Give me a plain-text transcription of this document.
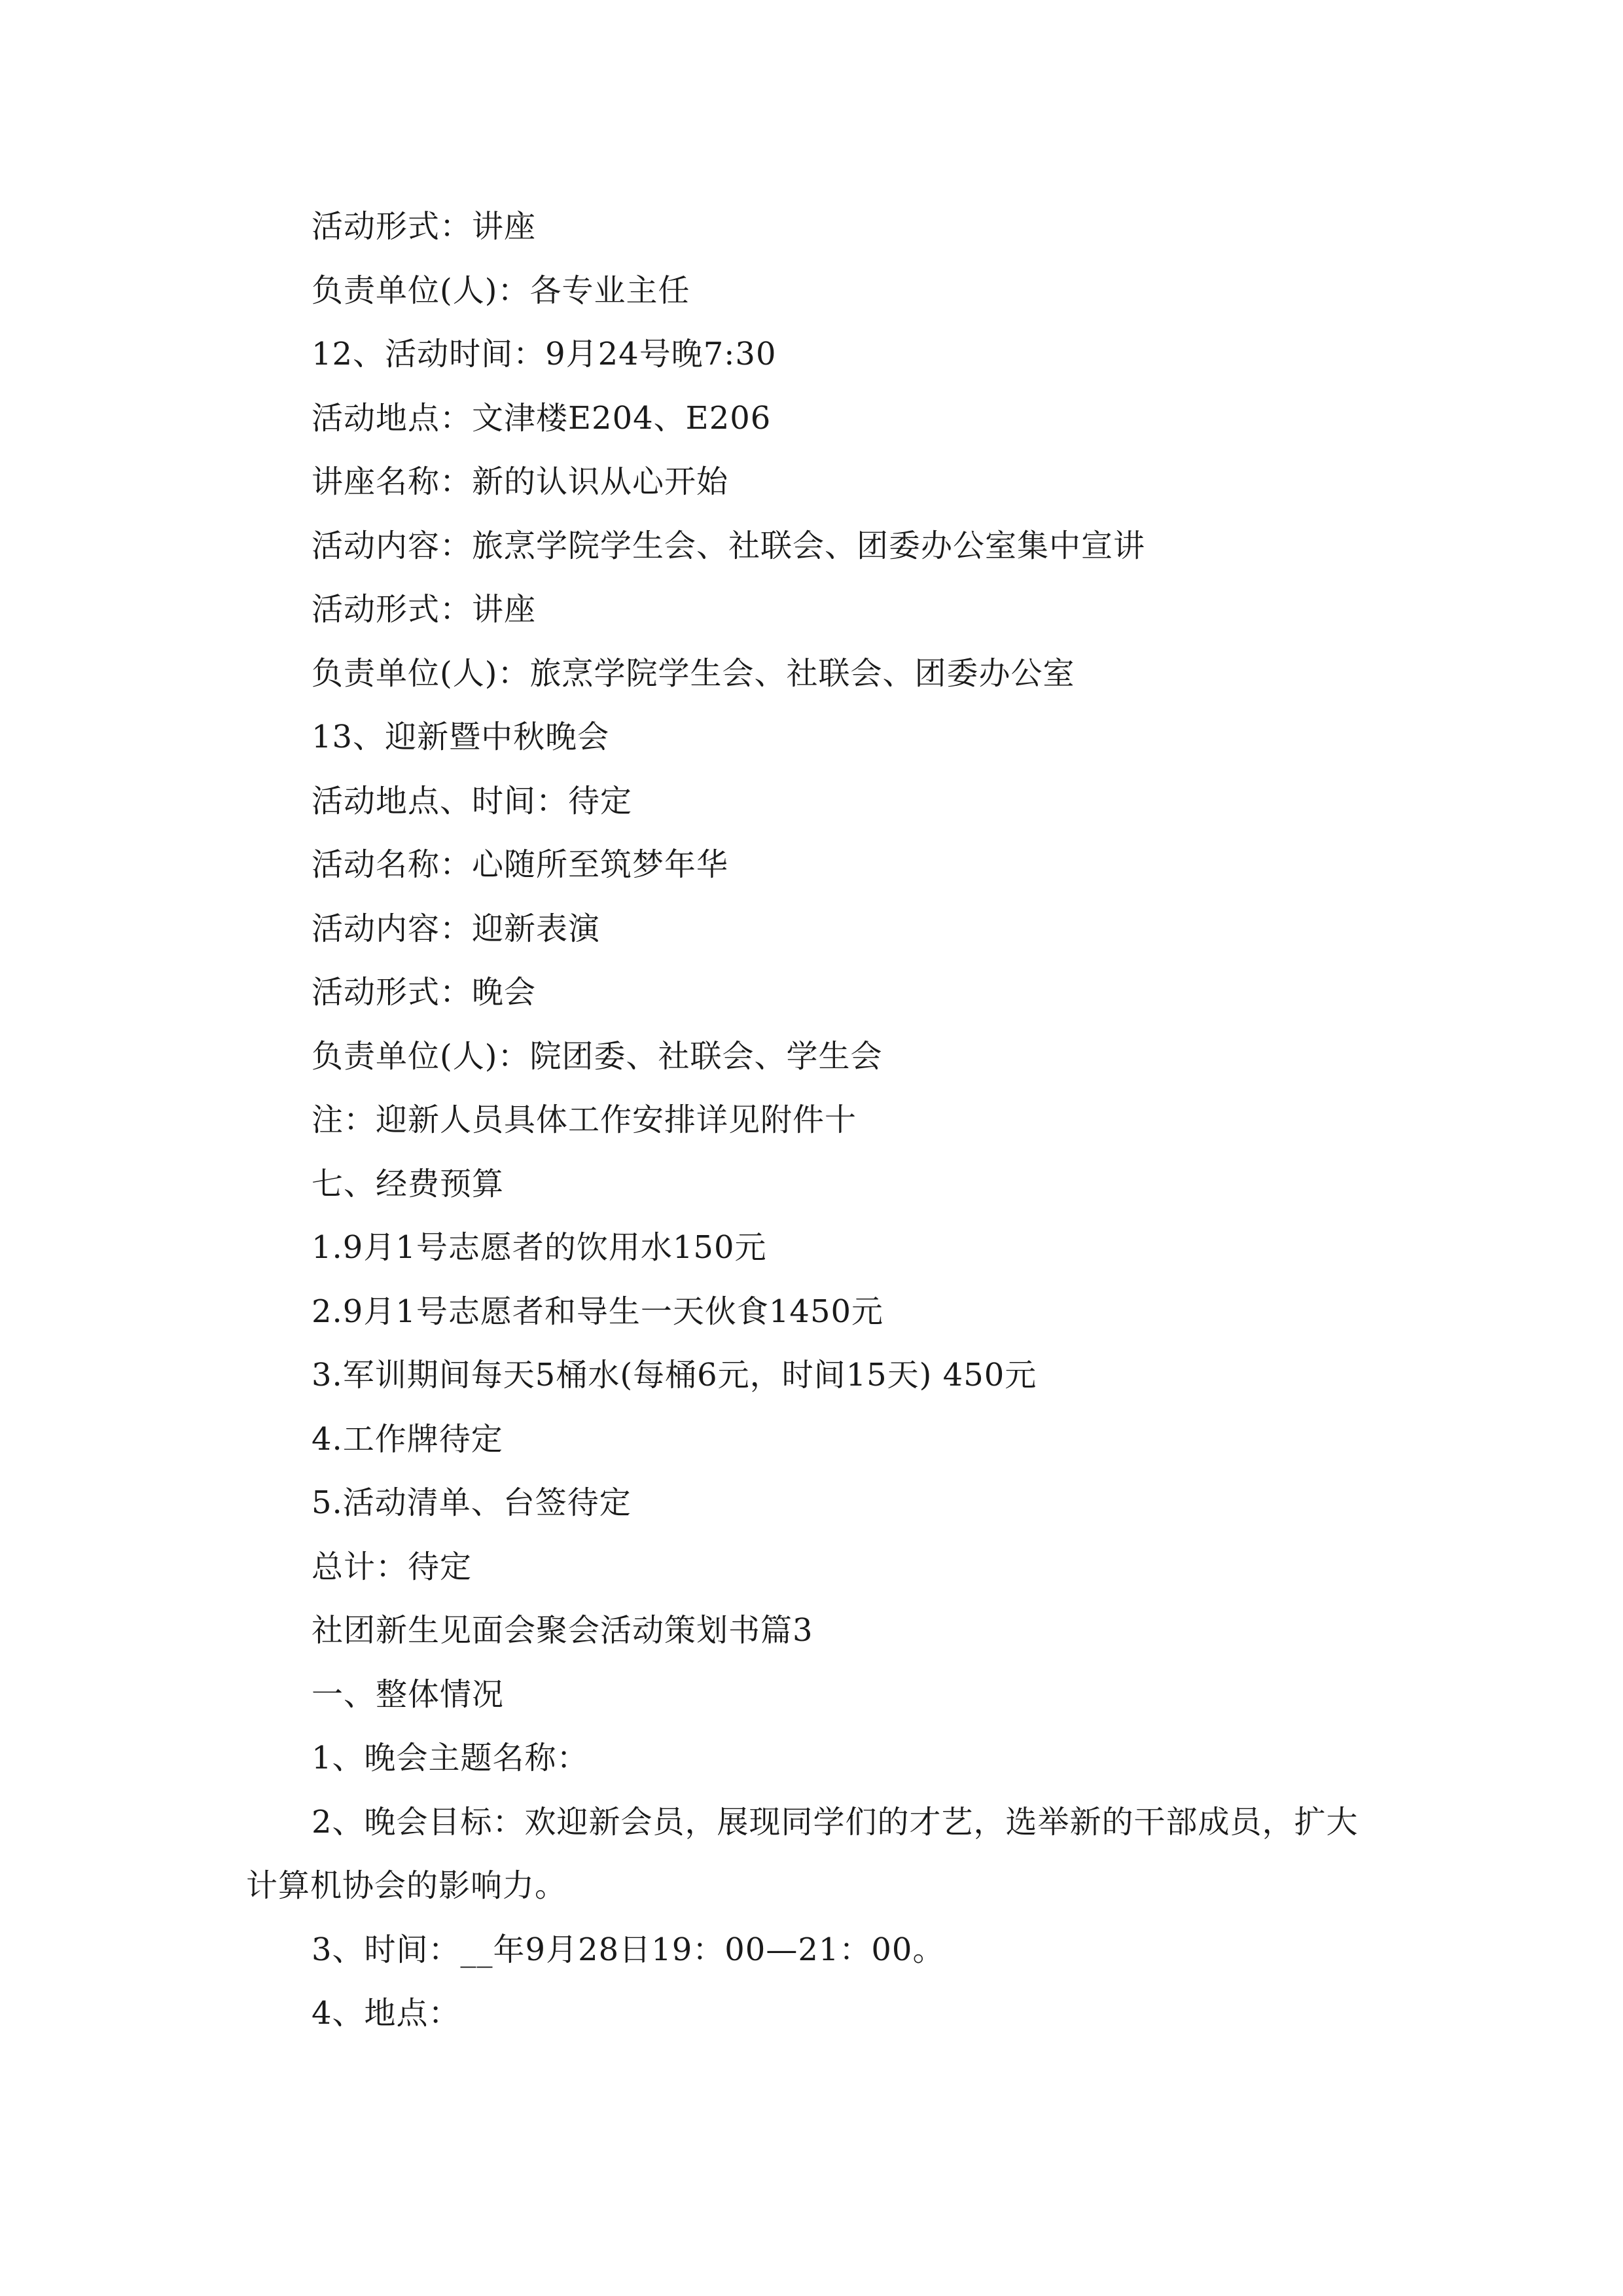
活动形式：讲座
负责单位(人)：各专业主任
12、活动时间：9月24号晚7:30
活动地点：文津楼E204、E206
讲座名称：新的认识从心开始
活动内容：旅烹学院学生会、社联会、团委办公室集中宣讲
活动形式：讲座
负责单位(人)：旅烹学院学生会、社联会、团委办公室
13、迎新暨中秋晚会
活动地点、时间：待定
活动名称：心随所至筑梦年华
活动内容：迎新表演
活动形式：晚会
负责单位(人)：院团委、社联会、学生会
注：迎新人员具体工作安排详见附件十
七、经费预算
1.9月1号志愿者的饮用水150元
2.9月1号志愿者和导生一天伙食1450元
3.军训期间每天5桶水(每桶6元，时间15天) 450元
4.工作牌待定
5.活动清单、台签待定
总计：待定
社团新生见面会聚会活动策划书篇3
一、整体情况
1、晚会主题名称：
2、晚会目标：欢迎新会员，展现同学们的才艺，选举新的干部成员，扩大
计算机协会的影响力。
3、时间：__年9月28日19：00—21：00。
4、地点：
